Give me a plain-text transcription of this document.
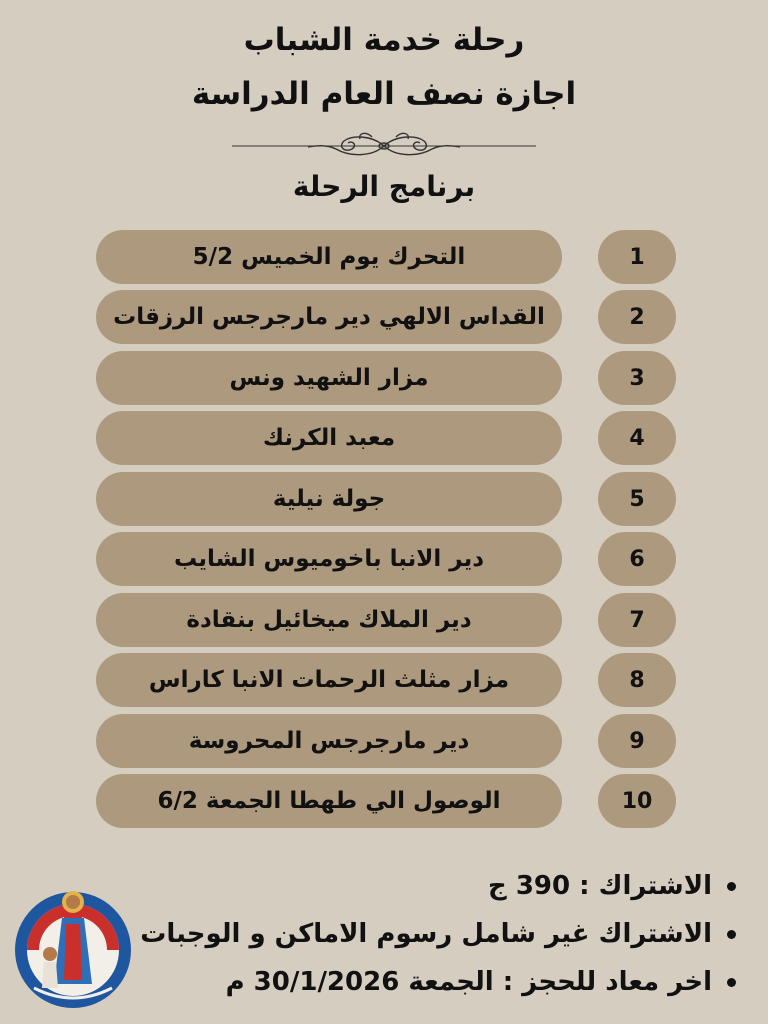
رحلة خدمة الشباب
اجازة نصف العام الدراسة
برنامج الرحلة
التحرك يوم الخميس 5/2	1
القداس الالهي دير مارجرجس الرزقات	2
مزار الشهيد ونس	3
معبد الكرنك	4
جولة نيلية	5
دير الانبا باخوميوس الشايب	6
دير الملاك ميخائيل بنقادة	7
مزار مثلث الرحمات الانبا كاراس	8
دير مارجرجس المحروسة	9
الوصول الي طهطا الجمعة 6/2	10
الاشتراك : 390 ج
الاشتراك غير شامل رسوم الاماكن و الوجبات
اخر معاد للحجز : الجمعة 30/1/2026 م
